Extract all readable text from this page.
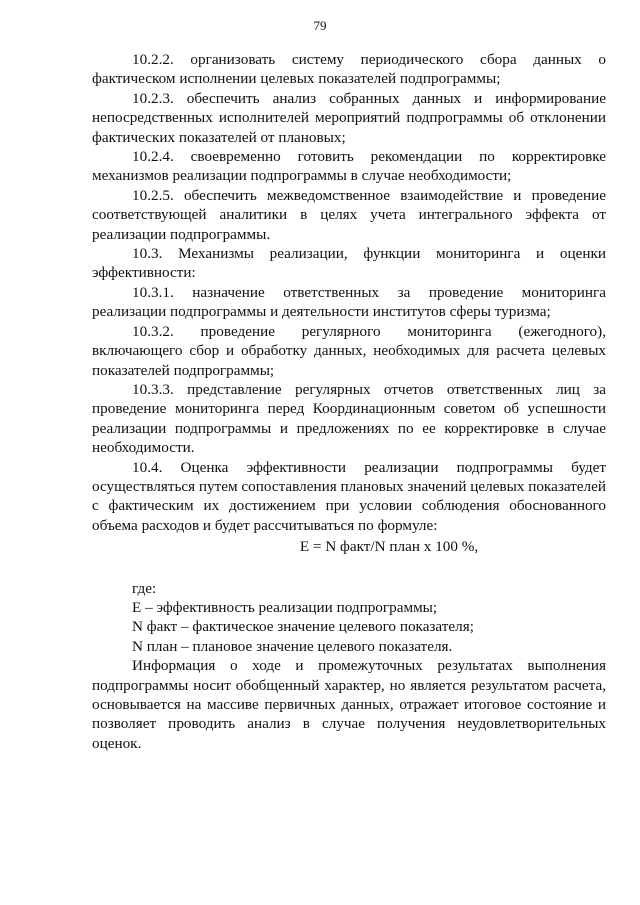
79

10.2.2. организовать систему периодического сбора данных о фактическом исполнении целевых показателей подпрограммы;

10.2.3. обеспечить анализ собранных данных и информирование непосредственных исполнителей мероприятий подпрограммы об отклонении фактических показателей от плановых;

10.2.4. своевременно готовить рекомендации по корректировке механизмов реализации подпрограммы в случае необходимости;

10.2.5. обеспечить межведомственное взаимодействие и проведение соответствующей аналитики в целях учета интегрального эффекта от реализации подпрограммы.

10.3. Механизмы реализации, функции мониторинга и оценки эффективности:

10.3.1. назначение ответственных за проведение мониторинга реализации подпрограммы и деятельности институтов сферы туризма;

10.3.2. проведение регулярного мониторинга (ежегодного), включающего сбор и обработку данных, необходимых для расчета целевых показателей подпрограммы;

10.3.3. представление регулярных отчетов ответственных лиц за проведение мониторинга перед Координационным советом об успешности реализации подпрограммы и предложениях по ее корректировке в случае необходимости.

10.4. Оценка эффективности реализации подпрограммы будет осуществляться путем сопоставления плановых значений целевых показателей с фактическим их достижением при условии соблюдения обоснованного объема расходов и будет рассчитываться по формуле:

E = N факт/N план х 100 %,

где:

E – эффективность реализации подпрограммы;

N факт – фактическое значение целевого показателя;

N план – плановое значение целевого показателя.

Информация о ходе и промежуточных результатах выполнения подпрограммы носит обобщенный характер, но является результатом расчета, основывается на массиве первичных данных, отражает итоговое состояние и позволяет проводить анализ в случае получения неудовлетворительных оценок.
